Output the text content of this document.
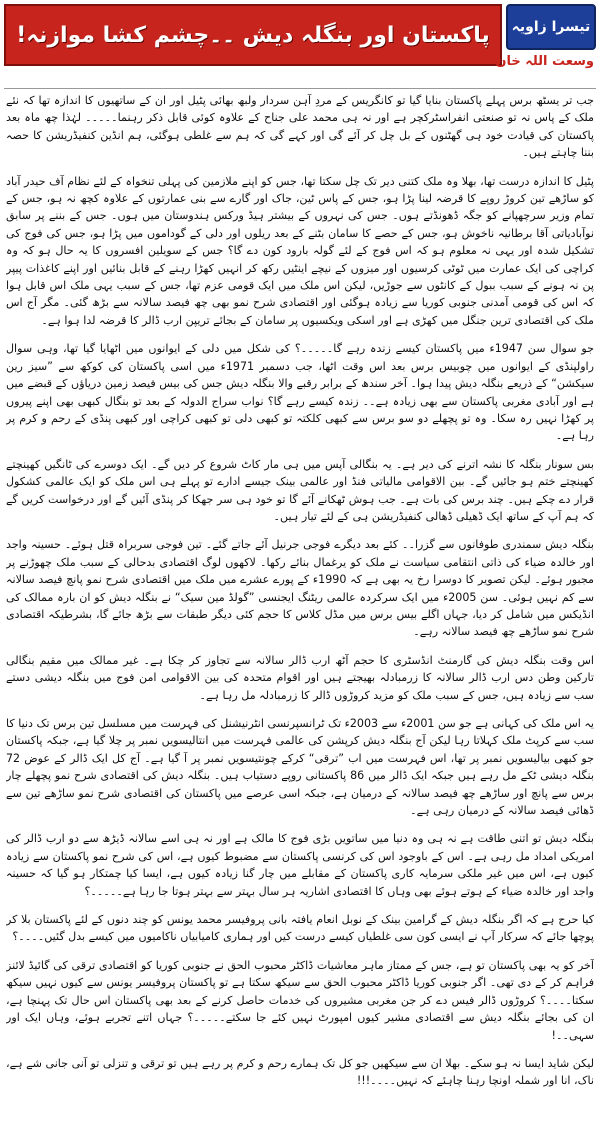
پاکستان اور بنگلہ دیش ۔۔چشم کشا موازنہ! تیسرا زاویہ
وسعت اللہ خان

جب تر یسٹھ برس پہلے پاکستان بنایا گیا تو کانگریس کے مردِ آہن سردار ولبھ بھائی پٹیل اور ان کے ساتھیوں کا اندازہ تھا کہ نئے ملک کے پاس نہ تو صنعتی انفراسٹرکچر ہے اور نہ ہی محمد علی جناح کے علاوہ کوئی قابل ذکر رہنما۔۔۔۔۔ لہٰذا چھ ماہ بعد پاکستان کی قیادت خود ہی گھٹنوں کے بل چل کر آئے گی اور کہے گی کہ ہم سے غلطی ہوگئی، ہم انڈین کنفیڈریشن کا حصہ بننا چاہتے ہیں۔

پٹیل کا اندازہ درست تھا، بھلا وہ ملک کتنی دیر تک چل سکتا تھا، جس کو اپنے ملازمین کی پہلی تنخواہ کے لئے نظام آف حیدر آباد کو ساڑھے تین کروڑ روپے کا قرضہ لینا پڑا ہو، جس کے پاس ٹین، جاک اور گارے سے بنی عمارتوں کے علاوہ کچھ نہ ہو، جس کے تمام وزیر سرچھپانے کو جگہ ڈھونڈتے ہوں۔ جس کی نہروں کے بیشتر ہیڈ ورکس ہندوستان میں ہوں۔ جس کے بننے پر سابق نوآبادیاتی آقا برطانیہ ناخوش ہو، جس کے حصے کا سامان بٹنے کے بعد ریلوں اور دلی کے گوداموں میں پڑا ہو، جس کی فوج کی تشکیل شدہ اور یہی نہ معلوم ہو کہ اس فوج کے لئے گولہ بارود کون دے گا؟ جس کے سویلین افسروں کا یہ حال ہو کہ وہ کراچی کی ایک عمارت میں ٹوٹی کرسیوں اور میزوں کے نیچے اینٹیں رکھ کر انہیں کھڑا رہنے کے قابل بنائیں اور اپنے کاغذات پیپر پن نہ ہونے کے سبب ببول کے کانٹوں سے جوڑیں، لیکن اس ملک میں ایک قومی عزم تھا، جس کے سبب یہی ملک اس قابل ہوا کہ اس کی قومی آمدنی جنوبی کوریا سے زیادہ ہوگئی اور اقتصادی شرح نمو بھی چھ فیصد سالانہ سے بڑھ گئی۔ مگر آج اس ملک کی اقتصادی ترین جنگل میں کھڑی ہے اور اسکی ویکسیوں پر سامان کے بجائے تریپن ارب ڈالر کا قرضہ لدا ہوا ہے۔

جو سوال سن 1947ء میں پاکستان کیسے زندہ رہے گا۔۔۔۔۔؟ کی شکل میں دلی کے ایوانوں میں اٹھایا گیا تھا، وہی سوال راولپنڈی کے ایوانوں میں چوبیس برس بعد اس وقت اٹھا، جب دسمبر 1971ء میں اسی پاکستان کی کوکھ سے ”سیز رین سیکشن“ کے ذریعے بنگلہ دیش پیدا ہوا۔ آخر سندھ کے برابر رقبے والا بنگلہ دیش جس کی بیس فیصد زمین دریاؤں کے قبضے میں ہے اور آبادی مغربی پاکستان سے بھی زیادہ ہے۔۔ زندہ کیسے رہے گا؟ نواب سراج الدولہ کے بعد تو بنگال کبھی بھی اپنے پیروں پر کھڑا نہیں رہ سکا۔ وہ تو پچھلے دو سو برس سے کبھی کلکتہ تو کبھی دلی تو کبھی کراچی اور کبھی پنڈی کے رحم و کرم پر رہا ہے۔

بس سونار بنگلہ کا نشہ اترنے کی دیر ہے۔ یہ بنگالی آپس میں ہی مار کاٹ شروع کر دیں گے۔ ایک دوسرے کی ٹانگیں کھینچتے کھینچتے ختم ہو جائیں گے۔ بین الاقوامی مالیاتی فنڈ اور عالمی بینک جیسے ادارے تو پہلے ہی اس ملک کو ایک عالمی کشکول قرار دے چکے ہیں۔ چند برس کی بات ہے۔ جب ہوش ٹھکانے آئے گا تو خود ہی سر جھکا کر پنڈی آئیں گے اور درخواست کریں گے کہ ہم آپ کے ساتھ ایک ڈھیلی ڈھالی کنفیڈریشن ہی کے لئے تیار ہیں۔

بنگلہ دیش سمندری طوفانوں سے گزرا۔۔ کئے بعد دیگرے فوجی جرنیل آئے جاتے گئے۔ تین فوجی سربراہ قتل ہوئے۔ حسینہ واجد اور خالدہ ضیاء کی ذاتی انتقامی سیاست نے ملک کو یرغمال بنائے رکھا۔ لاکھوں لوگ اقتصادی بدحالی کے سبب ملک چھوڑنے پر مجبور ہوئے۔ لیکن تصویر کا دوسرا رخ یہ بھی ہے کہ 1990ء کے پورے عشرے میں ملک میں اقتصادی شرح نمو پانچ فیصد سالانہ سے کم نہیں ہوئی۔ سن 2005ء میں ایک سرکردہ عالمی ریٹنگ ایجنسی ”گولڈ مین سیک“ نے بنگلہ دیش کو ان بارہ ممالک کی انڈیکس میں شامل کر دیا، جہاں اگلے بیس برس میں مڈل کلاس کا حجم کئی دیگر طبقات سے بڑھ جائے گا، بشرطیکہ اقتصادی شرح نمو ساڑھے چھ فیصد سالانہ رہے۔

اس وقت بنگلہ دیش کی گارمنٹ انڈسٹری کا حجم آٹھ ارب ڈالر سالانہ سے تجاوز کر چکا ہے۔ غیر ممالک میں مقیم بنگالی تارکین وطن دس ارب ڈالر سالانہ کا زرمبادلہ بھیجتے ہیں اور اقوام متحدہ کی بین الاقوامی امن فوج میں بنگلہ دیشی دستے سب سے زیادہ ہیں، جس کے سبب ملک کو مزید کروڑوں ڈالر کا زرمبادلہ مل رہا ہے۔

یہ اس ملک کی کہانی ہے جو سن 2001ء سے 2003ء تک ٹرانسپرنسی انٹرنیشنل کی فہرست میں مسلسل تین برس تک دنیا کا سب سے کرپٹ ملک کہلاتا رہا لیکن آج بنگلہ دیش کرپشن کی عالمی فہرست میں انتالیسویں نمبر پر چلا گیا ہے، جبکہ پاکستان جو کبھی بیالیسویں نمبر پر تھا، اس فہرست میں اب ”ترقی“ کرکے چونتیسویں نمبر پر آ گیا ہے۔ آج کل ایک ڈالر کے عوض 72 بنگلہ دیشی ٹکے مل رہے ہیں جبکہ ایک ڈالر میں 86 پاکستانی روپے دستیاب ہیں۔ بنگلہ دیش کی اقتصادی شرح نمو پچھلے چار برس سے پانچ اور ساڑھے چھ فیصد سالانہ کے درمیان ہے، جبکہ اسی عرصے میں پاکستان کی اقتصادی شرح نمو ساڑھے تین سے ڈھائی فیصد سالانہ کے درمیان رہی ہے۔

بنگلہ دیش تو اتنی طاقت ہے نہ ہی وہ دنیا میں ساتویں بڑی فوج کا مالک ہے اور نہ ہی اسے سالانہ ڈیڑھ سے دو ارب ڈالر کی امریکی امداد مل رہی ہے۔ اس کے باوجود اس کی کرنسی پاکستان سے مضبوط کیوں ہے، اس کی شرح نمو پاکستان سے زیادہ کیوں ہے، اس میں غیر ملکی سرمایہ کاری پاکستان کے مقابلے میں چار گنا زیادہ کیوں ہے، ایسا کیا چمتکار ہو گیا کہ حسینہ واجد اور خالدہ ضیاء کے ہوتے ہوئے بھی وہاں کا اقتصادی اشاریہ ہر سال بہتر سے بہتر ہوتا جا رہا ہے۔۔۔۔۔؟

کیا حرج ہے کہ اگر بنگلہ دیش کے گرامین بینک کے نوبل انعام یافتہ بانی پروفیسر محمد یونس کو چند دنوں کے لئے پاکستان بلا کر پوچھا جائے کہ سرکار آپ نے ایسی کون سی غلطیاں کیسے درست کیں اور ہماری کامیابیاں ناکامیوں میں کیسے بدل گئیں۔۔۔۔؟

آخر کو یہ بھی پاکستان تو ہے، جس کے ممتاز ماہر معاشیات ڈاکٹر محبوب الحق نے جنوبی کوریا کو اقتصادی ترقی کی گائیڈ لائنز فراہم کر کے دی تھی۔ اگر جنوبی کوریا ڈاکٹر محبوب الحق سے سیکھ سکتا ہے تو پاکستان پروفیسر یونس سے کیوں نہیں سیکھ سکتا۔۔۔۔؟ کروڑوں ڈالر فیس دے کر جن مغربی مشیروں کی خدمات حاصل کرنے کے بعد بھی پاکستان اس حال تک پہنچا ہے، ان کی بجائے بنگلہ دیش سے اقتصادی مشیر کیوں امپورٹ نہیں کئے جا سکتے۔۔۔۔۔؟ جہاں اتنے تجربے ہوئے، وہاں ایک اور سہی۔۔!

لیکن شاید ایسا نہ ہو سکے۔ بھلا ان سے سیکھیں جو کل تک ہمارے رحم و کرم پر رہے ہیں تو ترقی و تنزلی تو آنی جانی شے ہے، ناک، انا اور شملہ اونچا رہنا چاہئے کہ نہیں۔۔۔۔!!!
